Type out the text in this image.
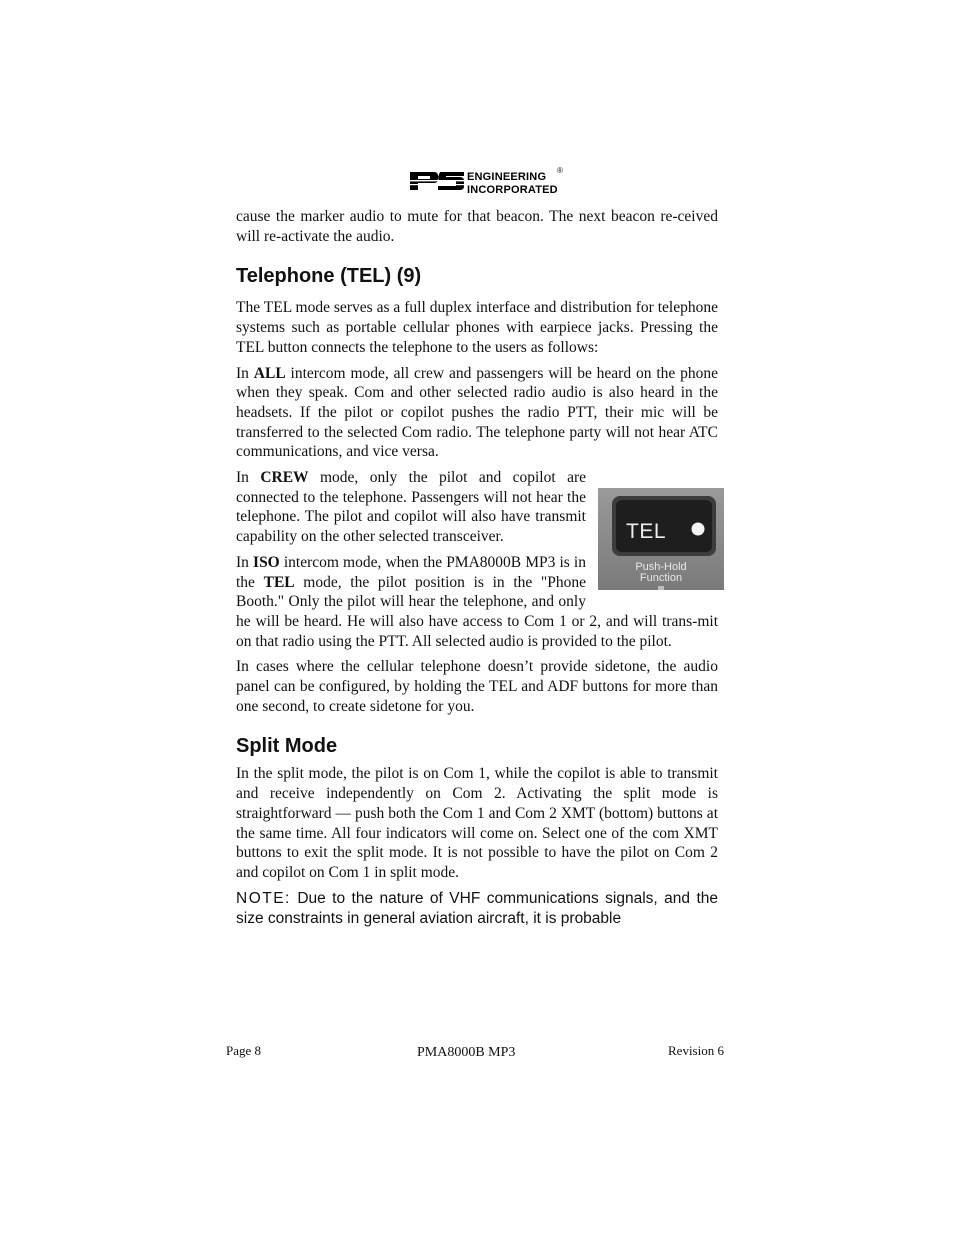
ENGINEERING
INCORPORATED
®

cause the marker audio to mute for that beacon. The next beacon re-ceived will re-activate the audio.

Telephone (TEL) (9)

The TEL mode serves as a full duplex interface and distribution for telephone systems such as portable cellular phones with earpiece jacks. Pressing the TEL button connects the telephone to the users as follows:

In ALL intercom mode, all crew and passengers will be heard on the phone when they speak. Com and other selected radio audio is also heard in the headsets. If the pilot or copilot pushes the radio PTT, their mic will be transferred to the selected Com radio. The telephone party will not hear ATC communications, and vice versa.

TEL
Push-Hold
Function

In CREW mode, only the pilot and copilot are connected to the telephone. Passengers will not hear the telephone. The pilot and copilot will also have transmit capability on the other selected transceiver.

In ISO intercom mode, when the PMA8000B MP3 is in the TEL mode, the pilot position is in the "Phone Booth." Only the pilot will hear the telephone, and only he will be heard. He will also have access to Com 1 or 2, and will trans-mit on that radio using the PTT. All selected audio is provided to the pilot.

In cases where the cellular telephone doesn’t provide sidetone, the audio panel can be configured, by holding the TEL and ADF buttons for more than one second, to create sidetone for you.

Split Mode

In the split mode, the pilot is on Com 1, while the copilot is able to transmit and receive independently on Com 2. Activating the split mode is straightforward — push both the Com 1 and Com 2 XMT (bottom) buttons at the same time. All four indicators will come on. Select one of the com XMT buttons to exit the split mode. It is not possible to have the pilot on Com 2 and copilot on Com 1 in split mode.

NOTE: Due to the nature of VHF communications signals, and the size constraints in general aviation aircraft, it is probable

Page 8	PMA8000B MP3	Revision 6
